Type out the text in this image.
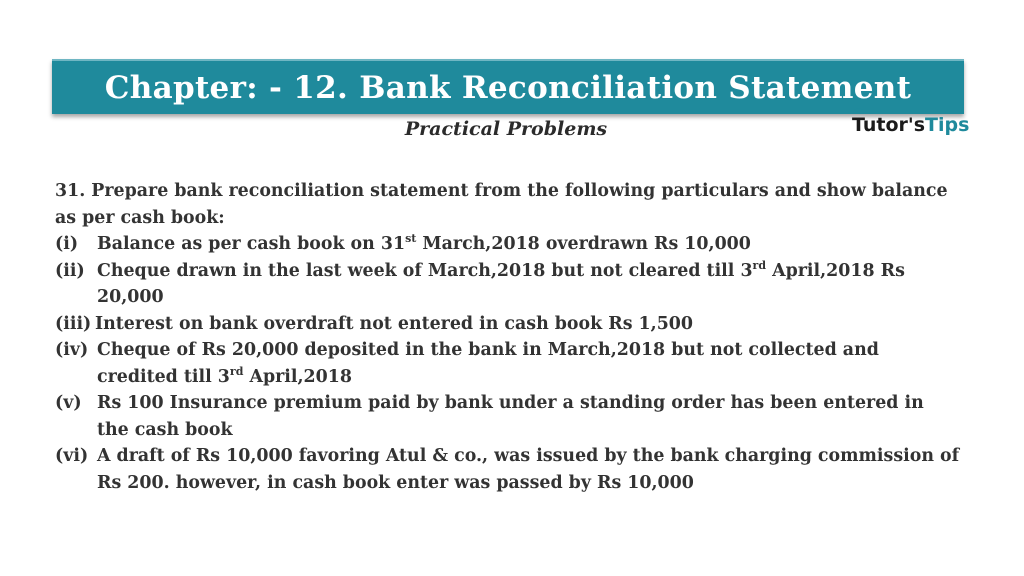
Chapter: - 12. Bank Reconciliation Statement
Practical Problems	Tutor's Tips

31. Prepare bank reconciliation statement from the following particulars and show balance as per cash book:

(i)	Balance as per cash book on 31st March,2018 overdrawn Rs 10,000
(ii) Cheque drawn in the last week of March,2018 but not cleared till 3rd April,2018 Rs 20,000
(iii) Interest on bank overdraft not entered in cash book Rs 1,500
(iv) Cheque of Rs 20,000 deposited in the bank in March,2018 but not collected and credited till 3rd April,2018
(v) Rs 100 Insurance premium paid by bank under a standing order has been entered in the cash book
(vi) A draft of Rs 10,000 favoring Atul & co., was issued by the bank charging commission of Rs 200. however, in cash book enter was passed by Rs 10,000
